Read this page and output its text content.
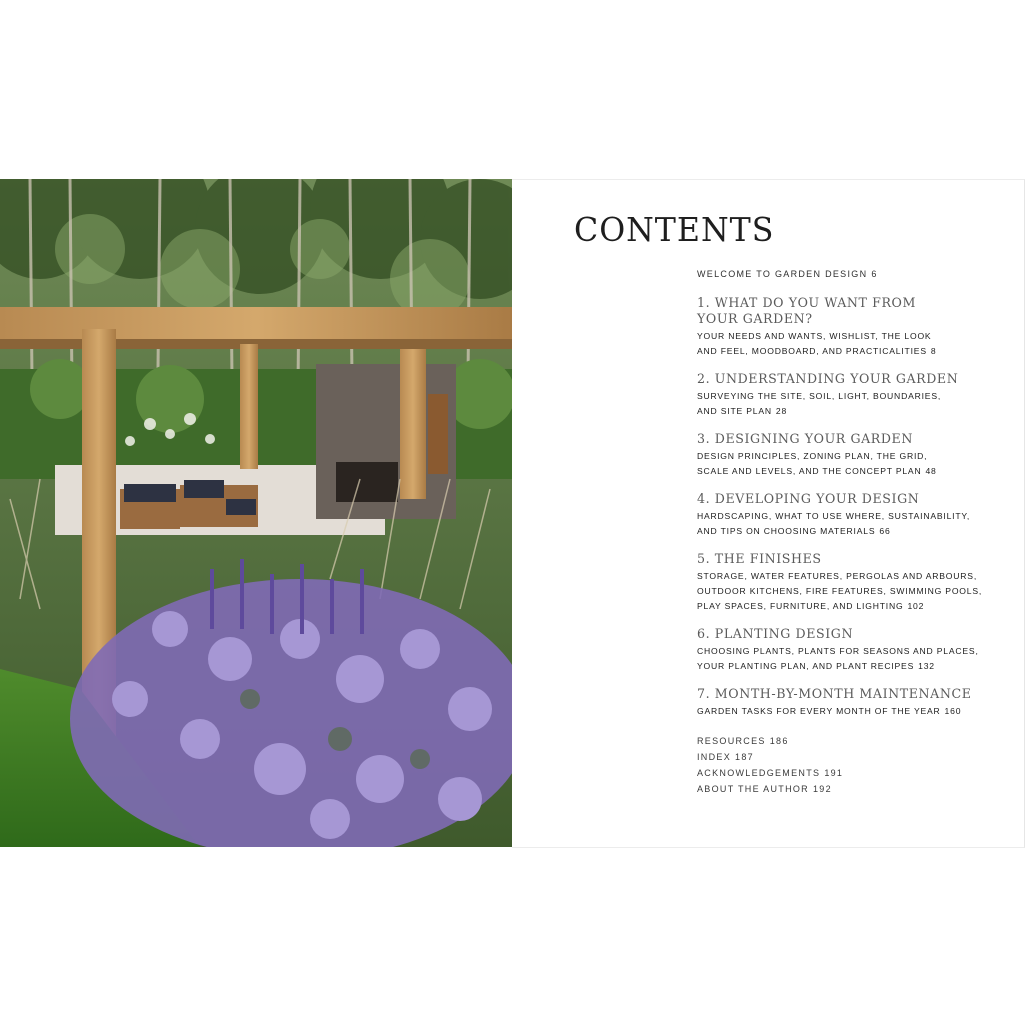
CONTENTS
WELCOME TO GARDEN DESIGN 6
1. WHAT DO YOU WANT FROM
YOUR GARDEN?
YOUR NEEDS AND WANTS, WISHLIST, THE LOOK
AND FEEL, MOODBOARD, AND PRACTICALITIES 8
2. UNDERSTANDING YOUR GARDEN
SURVEYING THE SITE, SOIL, LIGHT, BOUNDARIES,
AND SITE PLAN 28
3. DESIGNING YOUR GARDEN
DESIGN PRINCIPLES, ZONING PLAN, THE GRID,
SCALE AND LEVELS, AND THE CONCEPT PLAN 48
4. DEVELOPING YOUR DESIGN
HARDSCAPING, WHAT TO USE WHERE, SUSTAINABILITY,
AND TIPS ON CHOOSING MATERIALS 66
5. THE FINISHES
STORAGE, WATER FEATURES, PERGOLAS AND ARBOURS,
OUTDOOR KITCHENS, FIRE FEATURES, SWIMMING POOLS,
PLAY SPACES, FURNITURE, AND LIGHTING 102
6. PLANTING DESIGN
CHOOSING PLANTS, PLANTS FOR SEASONS AND PLACES,
YOUR PLANTING PLAN, AND PLANT RECIPES 132
7. MONTH-BY-MONTH MAINTENANCE
GARDEN TASKS FOR EVERY MONTH OF THE YEAR 160
RESOURCES 186
INDEX 187
ACKNOWLEDGEMENTS 191
ABOUT THE AUTHOR 192
